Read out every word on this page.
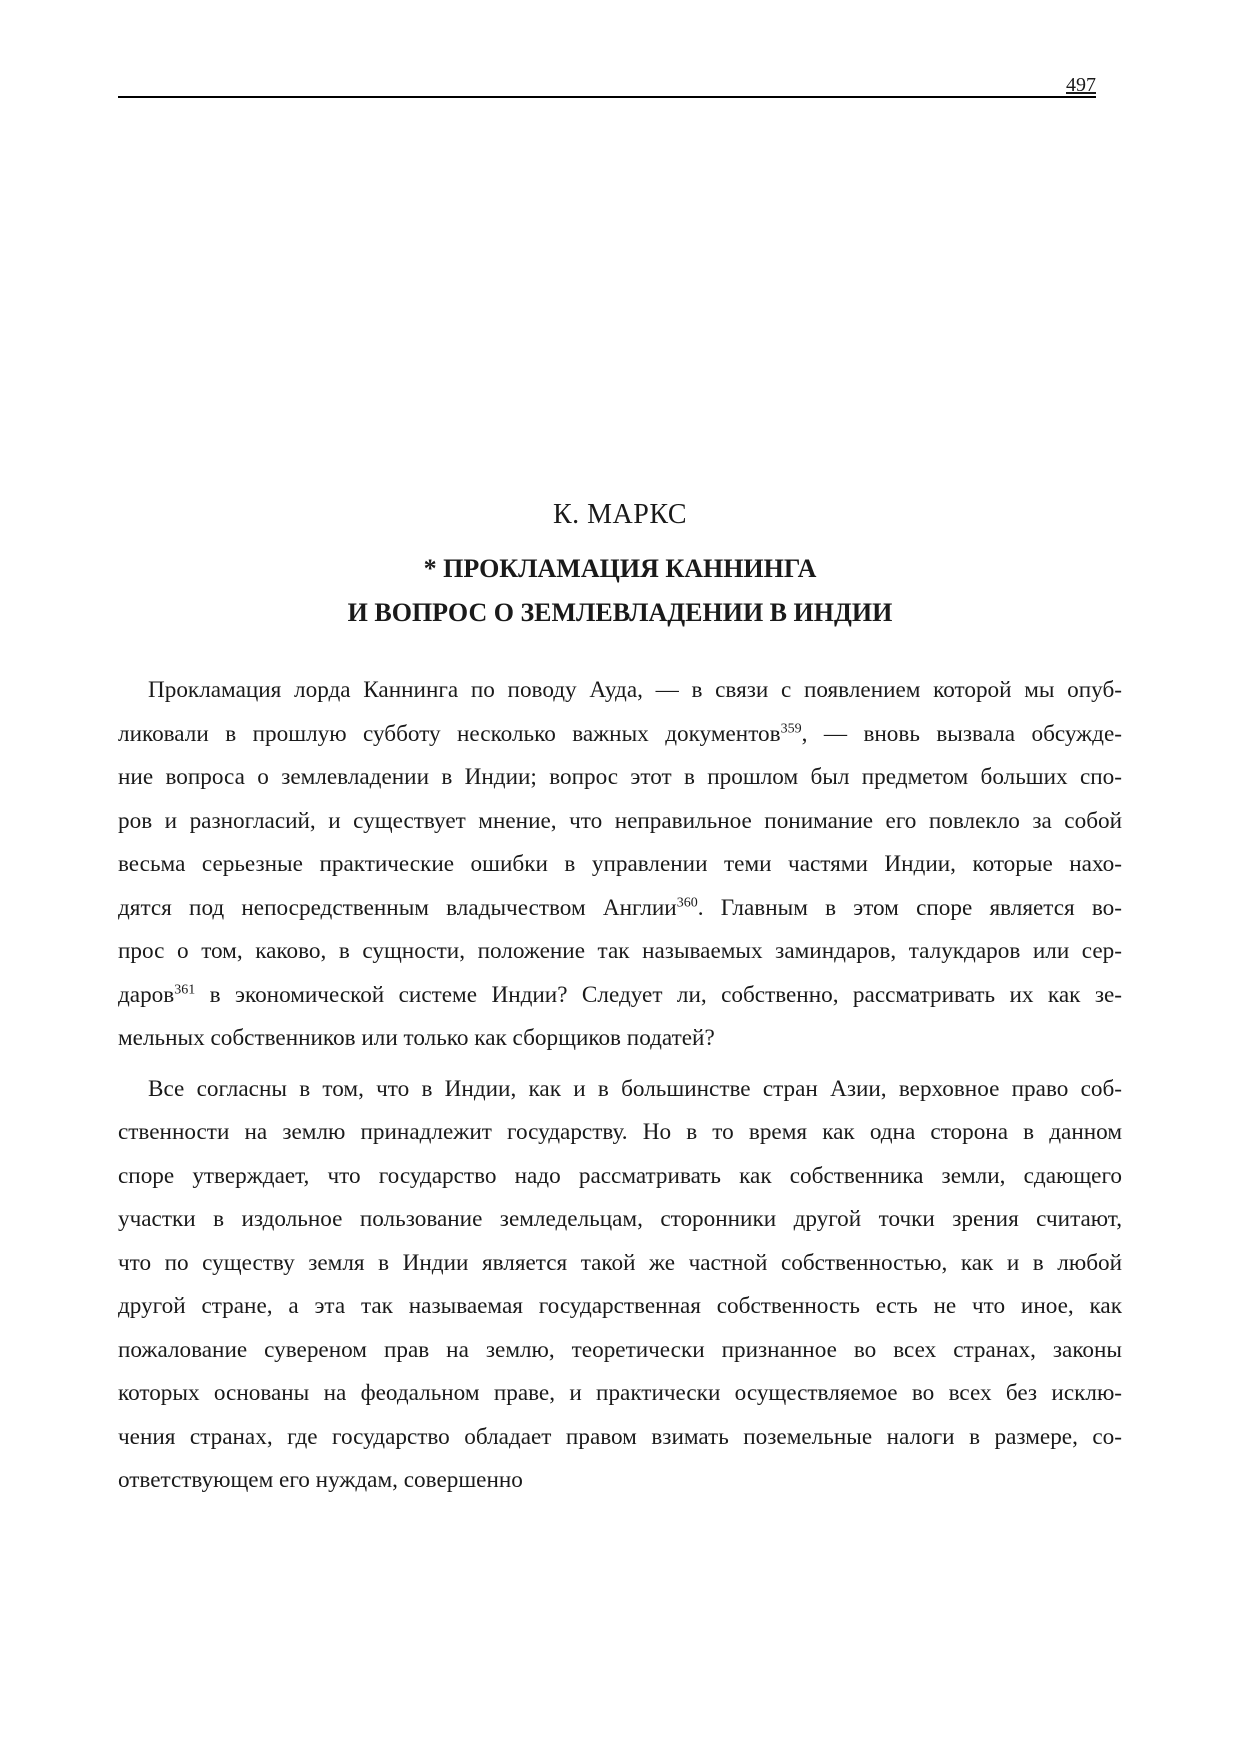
497
К. МАРКС
* ПРОКЛАМАЦИЯ КАННИНГА
И ВОПРОС О ЗЕМЛЕВЛАДЕНИИ В ИНДИИ
Прокламация лорда Каннинга по поводу Ауда, — в связи с появлением которой мы опуб-
ликовали в прошлую субботу несколько важных документов$^{359}$, — вновь вызвала обсужде-
ние вопроса о землевладении в Индии; вопрос этот в прошлом был предметом больших спо-
ров и разногласий, и существует мнение, что неправильное понимание его повлекло за собой
весьма серьезные практические ошибки в управлении теми частями Индии, которые нахо-
дятся под непосредственным владычеством Англии$^{360}$. Главным в этом споре является во-
прос о том, каково, в сущности, положение так называемых заминдаров, талукдаров или сер-
даров$^{361}$ в экономической системе Индии? Следует ли, собственно, рассматривать их как зе-
мельных собственников или только как сборщиков податей?
Все согласны в том, что в Индии, как и в большинстве стран Азии, верховное право соб-
ственности на землю принадлежит государству. Но в то время как одна сторона в данном
споре утверждает, что государство надо рассматривать как собственника земли, сдающего
участки в издольное пользование земледельцам, сторонники другой точки зрения считают,
что по существу земля в Индии является такой же частной собственностью, как и в любой
другой стране, а эта так называемая государственная собственность есть не что иное, как
пожалование сувереном прав на землю, теоретически признанное во всех странах, законы
которых основаны на феодальном праве, и практически осуществляемое во всех без исклю-
чения странах, где государство обладает правом взимать поземельные налоги в размере, со-
ответствующем его нуждам, совершенно
